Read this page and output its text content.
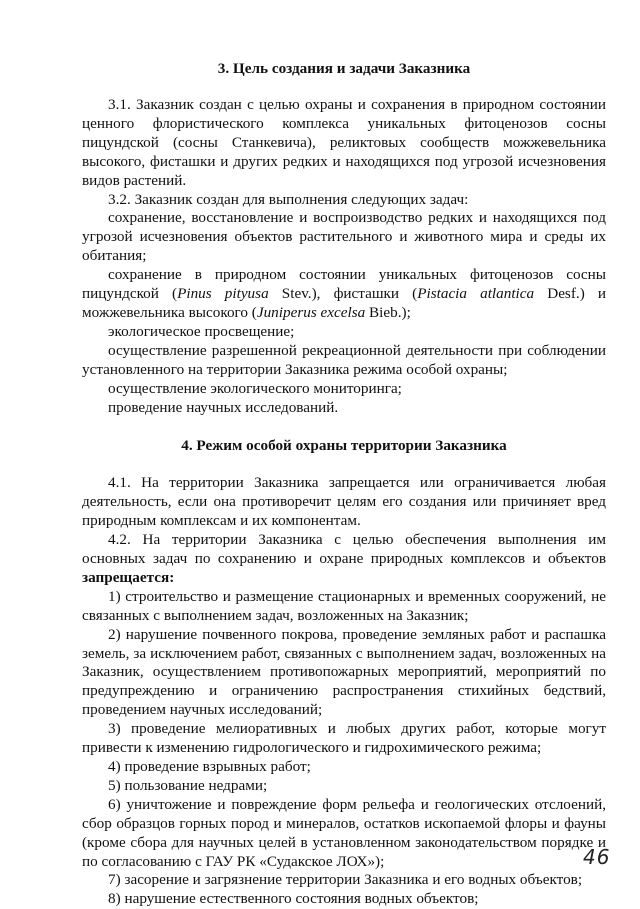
3. Цель создания и задачи Заказника

3.1. Заказник создан с целью охраны и сохранения в природном состоянии ценного флористического комплекса уникальных фитоценозов сосны пицундской (сосны Станкевича), реликтовых сообществ можжевельника высокого, фисташки и других редких и находящихся под угрозой исчезновения видов растений.

3.2. Заказник создан для выполнения следующих задач:

сохранение, восстановление и воспроизводство редких и находящихся под угрозой исчезновения объектов растительного и животного мира и среды их обитания;

сохранение в природном состоянии уникальных фитоценозов сосны пицундской (Pinus pityusa Stev.), фисташки (Pistacia atlantica Desf.) и можжевельника высокого (Juniperus excelsa Bieb.);

экологическое просвещение;

осуществление разрешенной рекреационной деятельности при соблюдении установленного на территории Заказника режима особой охраны;

осуществление экологического мониторинга;

проведение научных исследований.

4. Режим особой охраны территории Заказника

4.1. На территории Заказника запрещается или ограничивается любая деятельность, если она противоречит целям его создания или причиняет вред природным комплексам и их компонентам.

4.2. На территории Заказника с целью обеспечения выполнения им основных задач по сохранению и охране природных комплексов и объектов запрещается:

1) строительство и размещение стационарных и временных сооружений, не связанных с выполнением задач, возложенных на Заказник;

2) нарушение почвенного покрова, проведение земляных работ и распашка земель, за исключением работ, связанных с выполнением задач, возложенных на Заказник, осуществлением противопожарных мероприятий, мероприятий по предупреждению и ограничению распространения стихийных бедствий, проведением научных исследований;

3) проведение мелиоративных и любых других работ, которые могут привести к изменению гидрологического и гидрохимического режима;

4) проведение взрывных работ;

5) пользование недрами;

6) уничтожение и повреждение форм рельефа и геологических отслоений, сбор образцов горных пород и минералов, остатков ископаемой флоры и фауны (кроме сбора для научных целей в установленном законодательством порядке и по согласованию с ГАУ РК «Судакское ЛОХ»);

7) засорение и загрязнение территории Заказника и его водных объектов;

8) нарушение естественного состояния водных объектов;

46
